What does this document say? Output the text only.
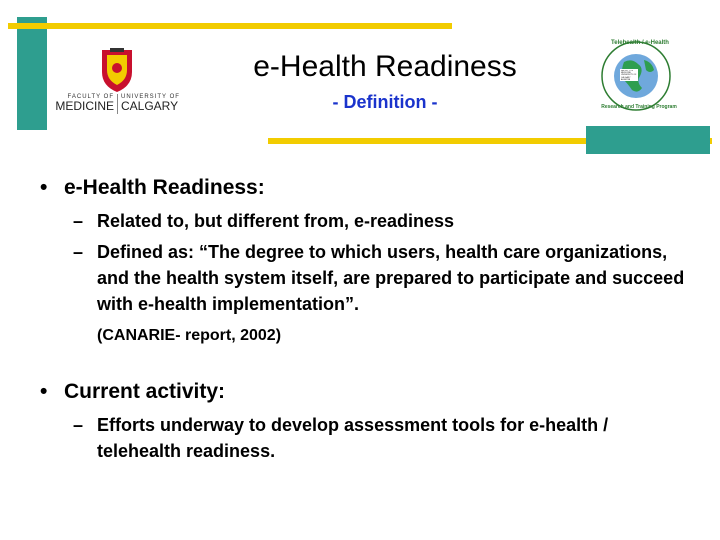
FACULTY OF
MEDICINE
UNIVERSITY OF
CALGARY
e-Health Readiness
- Definition -
Telehealth / e-Health
Research and Training Program
FACULTY OF MEDICINE UNIVERSITY OF CALGARY ALBERTA
• e-Health Readiness:
– Related to, but different from, e-readiness
– Defined as: “The degree to which users, health care organizations, and the health system itself, are prepared to participate and succeed with e-health implementation”.
(CANARIE- report, 2002)
• Current activity:
– Efforts underway to develop assessment tools for e-health / telehealth readiness.
